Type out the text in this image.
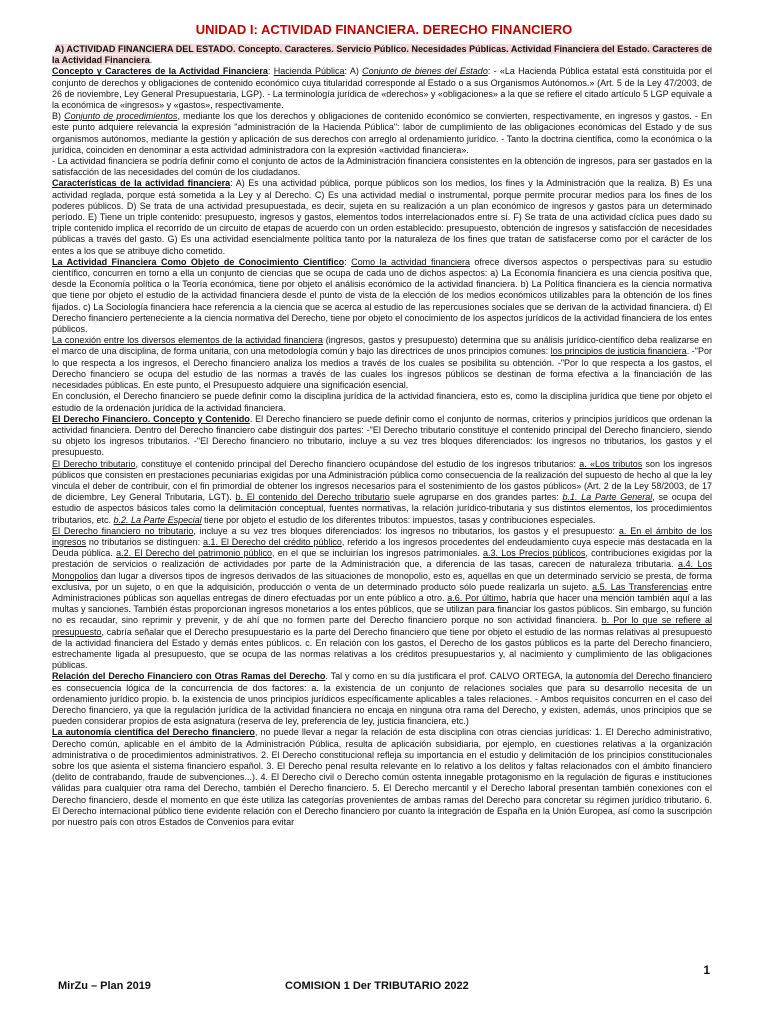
UNIDAD I: ACTIVIDAD FINANCIERA. DERECHO FINANCIERO

A) ACTIVIDAD FINANCIERA DEL ESTADO. Concepto. Caracteres. Servicio Público. Necesidades Públicas. Actividad Financiera del Estado. Caracteres de la Actividad Financiera.

Concepto y Caracteres de la Actividad Financiera: Hacienda Pública: A) Conjunto de bienes del Estado: - «La Hacienda Pública estatal está constituida por el conjunto de derechos y obligaciones de contenido económico cuya titularidad corresponde al Estado o a sus Organismos Autónomos.» (Art. 5 de la Ley 47/2003, de 26 de noviembre, Ley General Presupuestaria, LGP). - La terminología jurídica de «derechos» y «obligaciones» a la que se refiere el citado artículo 5 LGP equivale a la económica de «ingresos» y «gastos», respectivamente.

B) Conjunto de procedimientos, mediante los que los derechos y obligaciones de contenido económico se convierten, respectivamente, en ingresos y gastos. - En este punto adquiere relevancia la expresión "administración de la Hacienda Pública": labor de cumplimiento de las obligaciones económicas del Estado y de sus organismos autónomos, mediante la gestión y aplicación de sus derechos con arreglo al ordenamiento jurídico. - Tanto la doctrina científica, como la económica o la jurídica, coinciden en denominar a esta actividad administradora con la expresión «actividad financiera».

- La actividad financiera se podría definir como el conjunto de actos de la Administración financiera consistentes en la obtención de ingresos, para ser gastados en la satisfacción de las necesidades del común de los ciudadanos.

Características de la actividad financiera: A) Es una actividad pública, porque públicos son los medios, los fines y la Administración que la realiza. B) Es una actividad reglada, porque está sometida a la Ley y al Derecho. C) Es una actividad medial o instrumental, porque permite procurar medios para los fines de los poderes públicos. D) Se trata de una actividad presupuestada, es decir, sujeta en su realización a un plan económico de ingresos y gastos para un determinado período. E) Tiene un triple contenido: presupuesto, ingresos y gastos, elementos todos interrelacionados entre sí. F) Se trata de una actividad cíclica pues dado su triple contenido implica el recorrido de un circuito de etapas de acuerdo con un orden establecido: presupuesto, obtención de ingresos y satisfacción de necesidades públicas a través del gasto. G) Es una actividad esencialmente política tanto por la naturaleza de los fines que tratan de satisfacerse como por el carácter de los entes a los que se atribuye dicho cometido.

La Actividad Financiera Como Objeto de Conocimiento Científico: Como la actividad financiera ofrece diversos aspectos o perspectivas para su estudio científico, concurren en torno a ella un conjunto de ciencias que se ocupa de cada uno de dichos aspectos: a) La Economía financiera es una ciencia positiva que, desde la Economía política o la Teoría económica, tiene por objeto el análisis económico de la actividad financiera. b) La Política financiera es la ciencia normativa que tiene por objeto el estudio de la actividad financiera desde el punto de vista de la elección de los medios económicos utilizables para la obtención de los fines fijados. c) La Sociología financiera hace referencia a la ciencia que se acerca al estudio de las repercusiones sociales que se derivan de la actividad financiera. d) El Derecho financiero perteneciente a la ciencia normativa del Derecho, tiene por objeto el conocimiento de los aspectos jurídicos de la actividad financiera de los entes públicos.

La conexión entre los diversos elementos de la actividad financiera (ingresos, gastos y presupuesto) determina que su análisis jurídico-científico deba realizarse en el marco de una disciplina, de forma unitaria, con una metodología común y bajo las directrices de unos principios comunes: los principios de justicia financiera. -"Por lo que respecta a los ingresos, el Derecho financiero analiza los medios a través de los cuales se posibilita su obtención. -"Por lo que respecta a los gastos, el Derecho financiero se ocupa del estudio de las normas a través de las cuales los ingresos públicos se destinan de forma efectiva a la financiación de las necesidades públicas. En este punto, el Presupuesto adquiere una significación esencial.

En conclusión, el Derecho financiero se puede definir como la disciplina jurídica de la actividad financiera, esto es, como la disciplina jurídica que tiene por objeto el estudio de la ordenación jurídica de la actividad financiera.

El Derecho Financiero. Concepto y Contenido. El Derecho financiero se puede definir como el conjunto de normas, criterios y principios jurídicos que ordenan la actividad financiera. Dentro del Derecho financiero cabe distinguir dos partes: -"El Derecho tributario constituye el contenido principal del Derecho financiero, siendo su objeto los ingresos tributarios. -"El Derecho financiero no tributario, incluye a su vez tres bloques diferenciados: los ingresos no tributarios, los gastos y el presupuesto.

El Derecho tributario, constituye el contenido principal del Derecho financiero ocupándose del estudio de los ingresos tributarios: a. «Los tributos son los ingresos públicos que consisten en prestaciones pecuniarias exigidas por una Administración pública como consecuencia de la realización del supuesto de hecho al que la ley vincula el deber de contribuir, con el fin primordial de obtener los ingresos necesarios para el sostenimiento de los gastos públicos» (Art. 2 de la Ley 58/2003, de 17 de diciembre, Ley General Tributaria, LGT). b. El contenido del Derecho tributario suele agruparse en dos grandes partes: b.1. La Parte General, se ocupa del estudio de aspectos básicos tales como la delimitación conceptual, fuentes normativas, la relación jurídico-tributaria y sus distintos elementos, los procedimientos tributarios, etc. b.2. La Parte Especial tiene por objeto el estudio de los diferentes tributos: impuestos, tasas y contribuciones especiales.

El Derecho financiero no tributario, incluye a su vez tres bloques diferenciados: los ingresos no tributarios, los gastos y el presupuesto: a. En el ámbito de los ingresos no tributarios se distinguen: a.1. El Derecho del crédito público, referido a los ingresos procedentes del endeudamiento cuya especie más destacada en la Deuda pública. a.2. El Derecho del patrimonio público, en el que se incluirían los ingresos patrimoniales. a.3. Los Precios públicos, contribuciones exigidas por la prestación de servicios o realización de actividades por parte de la Administración que, a diferencia de las tasas, carecen de naturaleza tributaria. a.4. Los Monopolios dan lugar a diversos tipos de ingresos derivados de las situaciones de monopolio, esto es, aquellas en que un determinado servicio se presta, de forma exclusiva, por un sujeto, o en que la adquisición, producción o venta de un determinado producto sólo puede realizarla un sujeto. a.5. Las Transferencias entre Administraciones públicas son aquellas entregas de dinero efectuadas por un ente público a otro. a.6. Por último, habría que hacer una mención también aquí a las multas y sanciones. También éstas proporcionan ingresos monetarios a los entes públicos, que se utilizan para financiar los gastos públicos. Sin embargo, su función no es recaudar, sino reprimir y prevenir, y de ahí que no formen parte del Derecho financiero porque no son actividad financiera. b. Por lo que se refiere al presupuesto, cabría señalar que el Derecho presupuestario es la parte del Derecho financiero que tiene por objeto el estudio de las normas relativas al presupuesto de la actividad financiera del Estado y demás entes públicos. c. En relación con los gastos, el Derecho de los gastos públicos es la parte del Derecho financiero, estrechamente ligada al presupuesto, que se ocupa de las normas relativas a los créditos presupuestarios y, al nacimiento y cumplimiento de las obligaciones públicas.

Relación del Derecho Financiero con Otras Ramas del Derecho. Tal y como en su día justificara el prof. CALVO ORTEGA, la autonomía del Derecho financiero es consecuencia lógica de la concurrencia de dos factores: a. la existencia de un conjunto de relaciones sociales que para su desarrollo necesita de un ordenamiento jurídico propio. b. la existencia de unos principios jurídicos específicamente aplicables a tales relaciones. - Ambos requisitos concurren en el caso del Derecho financiero, ya que la regulación jurídica de la actividad financiera no encaja en ninguna otra rama del Derecho, y existen, además, unos principios que se pueden considerar propios de esta asignatura (reserva de ley, preferencia de ley, justicia financiera, etc.)

La autonomía científica del Derecho financiero, no puede llevar a negar la relación de esta disciplina con otras ciencias jurídicas: 1. El Derecho administrativo, Derecho común, aplicable en el ámbito de la Administración Pública, resulta de aplicación subsidiaria, por ejemplo, en cuestiones relativas a la organización administrativa o de procedimientos administrativos. 2. El Derecho constitucional refleja su importancia en el estudio y delimitación de los principios constitucionales sobre los que asienta el sistema financiero español. 3. El Derecho penal resulta relevante en lo relativo a los delitos y faltas relacionados con el ámbito financiero (delito de contrabando, fraude de subvenciones...). 4. El Derecho civil o Derecho común ostenta innegable protagonismo en la regulación de figuras e instituciones válidas para cualquier otra rama del Derecho, también el Derecho financiero. 5. El Derecho mercantil y el Derecho laboral presentan también conexiones con el Derecho financiero, desde el momento en que éste utiliza las categorías provenientes de ambas ramas del Derecho para concretar su régimen jurídico tributario. 6. El Derecho internacional público tiene evidente relación con el Derecho financiero por cuanto la integración de España en la Unión Europea, así como la suscripción por nuestro país con otros Estados de Convenios para evitar

1
MirZu – Plan 2019	COMISION 1 Der TRIBUTARIO 2022
